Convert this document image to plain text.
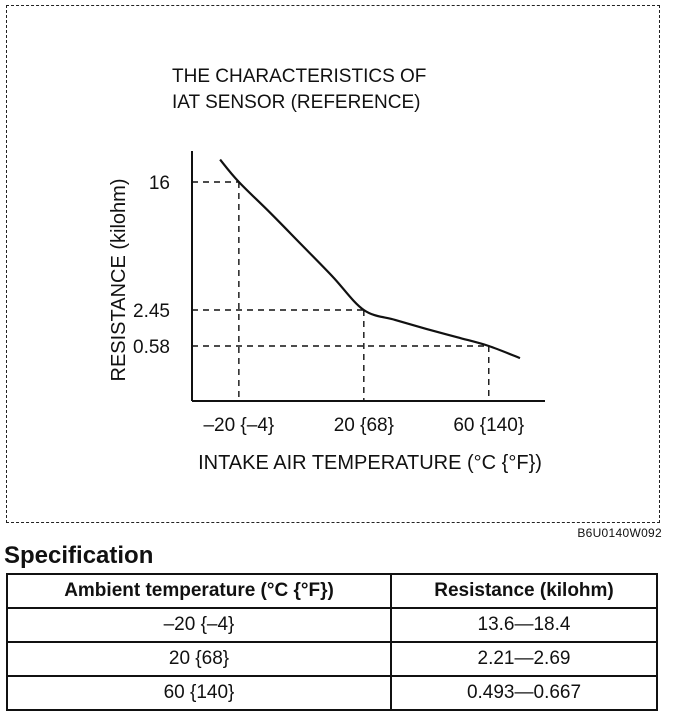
THE CHARACTERISTICS OF
IAT SENSOR (REFERENCE)
–20 {–4}	20 {68}	60 {140}
16
2.45
0.58
INTAKE AIR TEMPERATURE (°C {°F})
RESISTANCE (kilohm)
B6U0140W092
Specification
Ambient temperature (°C {°F})	Resistance (kilohm)
–20 {–4}	13.6—18.4
20 {68}	2.21—2.69
60 {140}	0.493—0.667
